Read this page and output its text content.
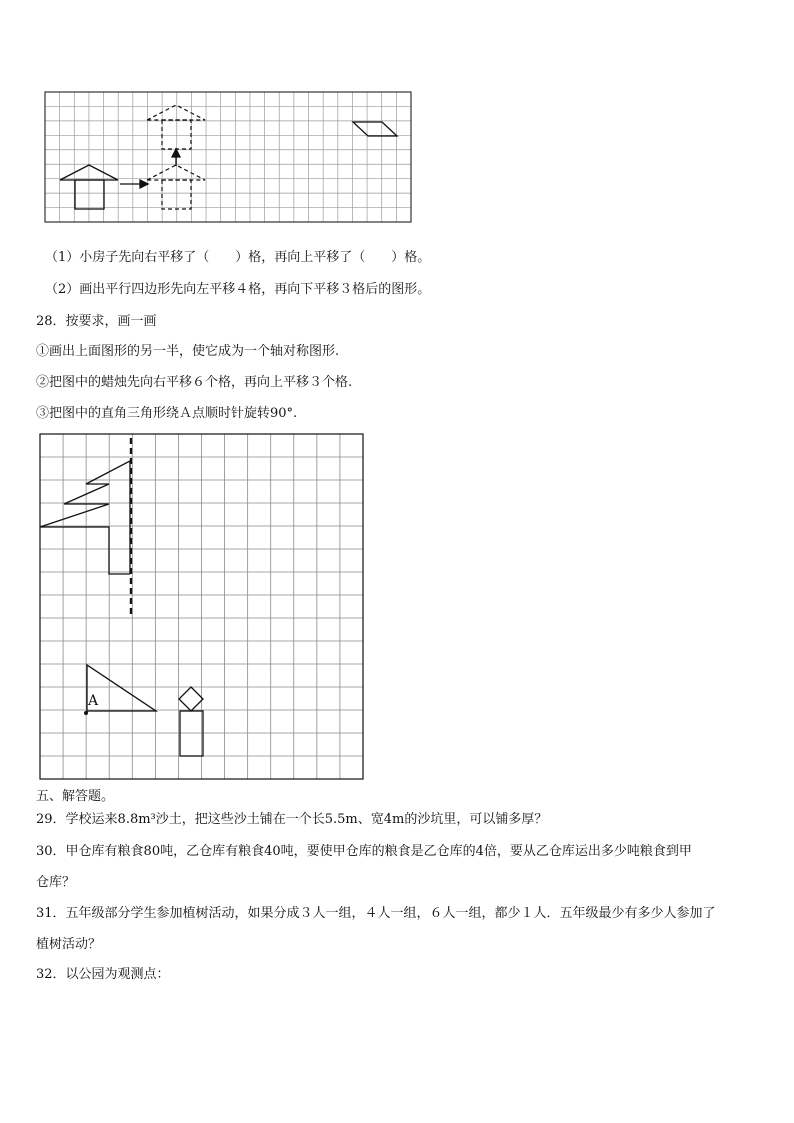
（1）小房子先向右平移了（ ）格，再向上平移了（ ）格。
（2）画出平行四边形先向左平移４格，再向下平移３格后的图形。
28．按要求，画一画
①画出上面图形的另一半，使它成为一个轴对称图形.
②把图中的蜡烛先向右平移６个格，再向上平移３个格.
③把图中的直角三角形绕Ａ点顺时针旋转90°.
A
五、解答题。
29．学校运来8.8m³沙土，把这些沙土铺在一个长5.5m、宽4m的沙坑里，可以铺多厚？
30．甲仓库有粮食80吨，乙仓库有粮食40吨，要使甲仓库的粮食是乙仓库的4倍，要从乙仓库运出多少吨粮食到甲
仓库？
31．五年级部分学生参加植树活动，如果分成３人一组，４人一组，６人一组，都少１人．五年级最少有多少人参加了
植树活动？
32．以公园为观测点：
